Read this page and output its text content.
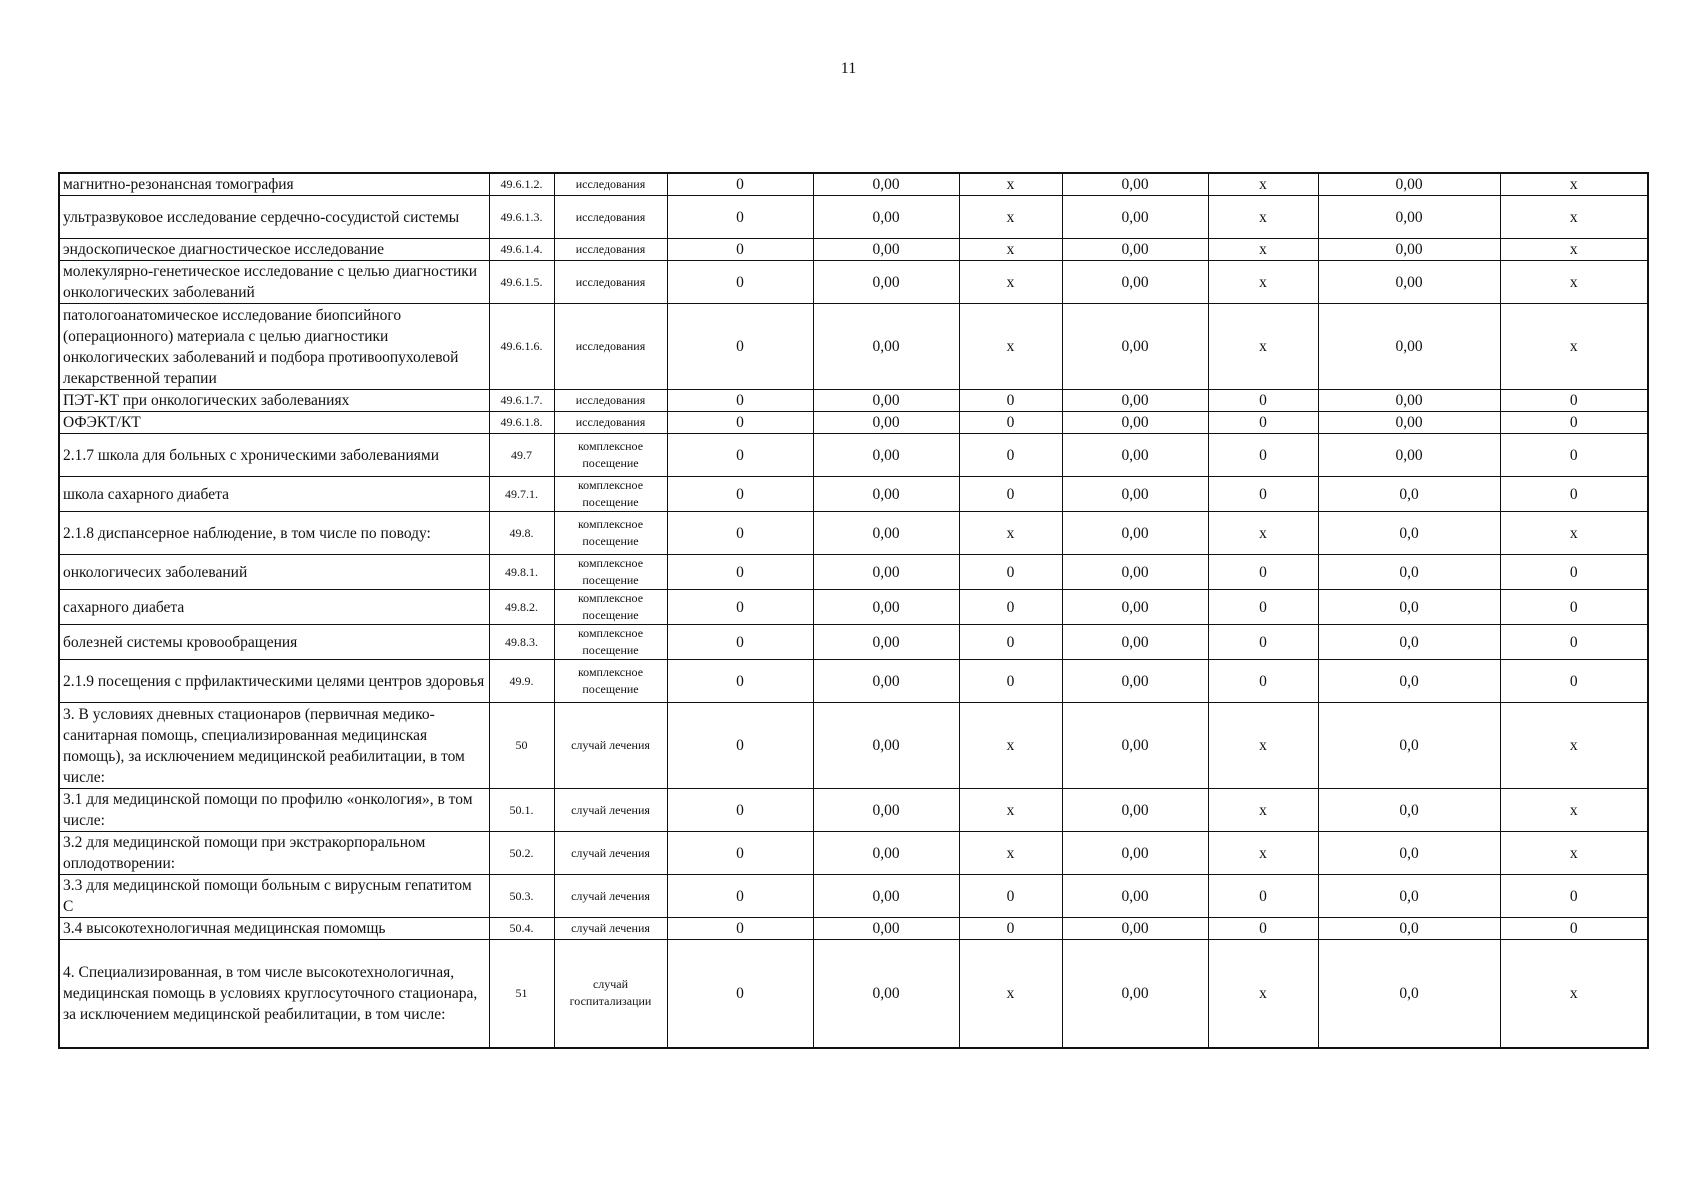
11
магнитно-резонансная томография	49.6.1.2.	исследования	0	0,00	х	0,00	х	0,00	х
ультразвуковое исследование сердечно-сосудистой системы	49.6.1.3.	исследования	0	0,00	х	0,00	х	0,00	х
эндоскопическое диагностическое исследование	49.6.1.4.	исследования	0	0,00	х	0,00	х	0,00	х
молекулярно-генетическое исследование с целью диагностики онкологических заболеваний	49.6.1.5.	исследования	0	0,00	х	0,00	х	0,00	х
патологоанатомическое исследование биопсийного (операционного) материала с целью диагностики онкологических заболеваний и подбора противоопухолевой лекарственной терапии	49.6.1.6.	исследования	0	0,00	х	0,00	х	0,00	х
ПЭТ-КТ при онкологических заболеваниях	49.6.1.7.	исследования	0	0,00	0	0,00	0	0,00	0
ОФЭКТ/КТ	49.6.1.8.	исследования	0	0,00	0	0,00	0	0,00	0
2.1.7 школа для больных с хроническими заболеваниями	49.7	комплексное посещение	0	0,00	0	0,00	0	0,00	0
школа сахарного диабета	49.7.1.	комплексное посещение	0	0,00	0	0,00	0	0,0	0
2.1.8 диспансерное наблюдение, в том числе по поводу:	49.8.	комплексное посещение	0	0,00	х	0,00	х	0,0	х
онкологичесих заболеваний	49.8.1.	комплексное посещение	0	0,00	0	0,00	0	0,0	0
сахарного диабета	49.8.2.	комплексное посещение	0	0,00	0	0,00	0	0,0	0
болезней системы кровообращения	49.8.3.	комплексное посещение	0	0,00	0	0,00	0	0,0	0
2.1.9 посещения с прфилактическими целями центров здоровья	49.9.	комплексное посещение	0	0,00	0	0,00	0	0,0	0
3. В условиях дневных стационаров (первичная медико-санитарная помощь, специализированная медицинская помощь), за исключением медицинской реабилитации, в том числе:	50	случай лечения	0	0,00	х	0,00	х	0,0	х
3.1 для медицинской помощи по профилю «онкология», в том числе:	50.1.	случай лечения	0	0,00	х	0,00	х	0,0	х
3.2 для медицинской помощи при экстракорпоральном оплодотворении:	50.2.	случай лечения	0	0,00	х	0,00	х	0,0	х
3.3 для медицинской помощи больным с вирусным гепатитом С	50.3.	случай лечения	0	0,00	0	0,00	0	0,0	0
3.4 высокотехнологичная медицинская помомщь	50.4.	случай лечения	0	0,00	0	0,00	0	0,0	0
4. Специализированная, в том числе высокотехнологичная, медицинская помощь в условиях круглосуточного стационара, за исключением медицинской реабилитации, в том числе:	51	случай госпитализации	0	0,00	х	0,00	х	0,0	х
